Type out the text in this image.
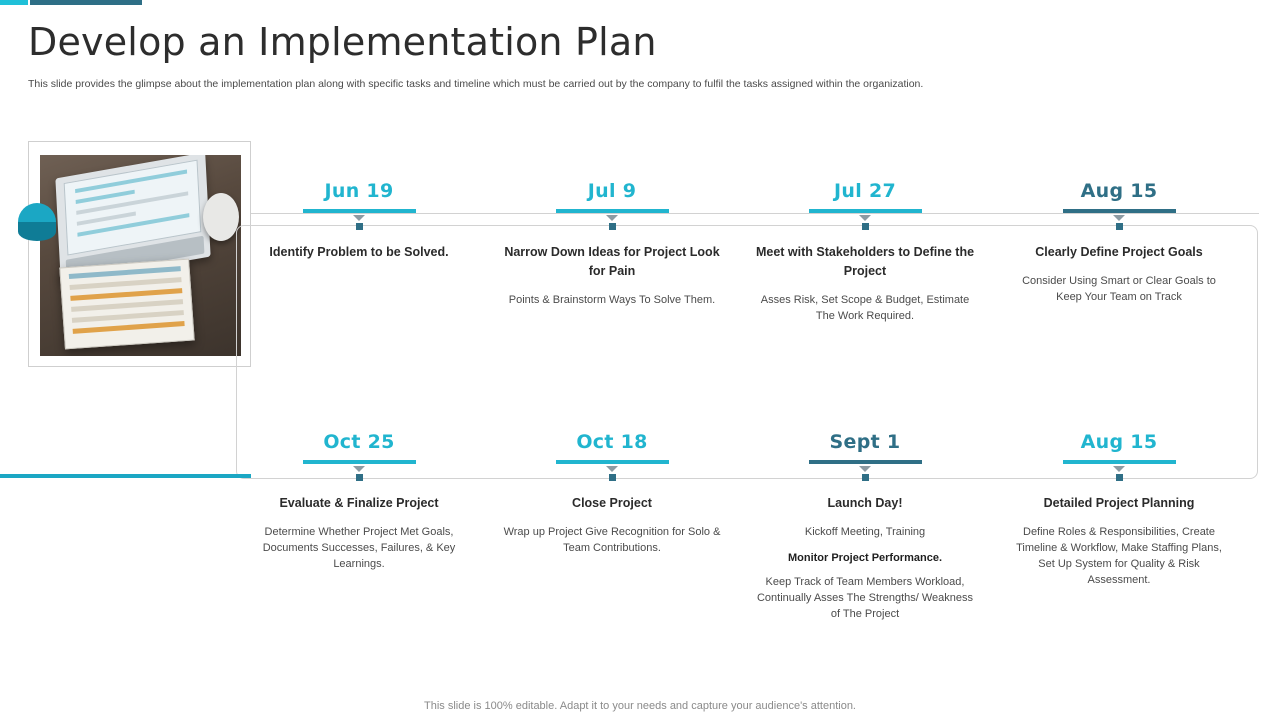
Develop an Implementation Plan
This slide provides the glimpse about the implementation plan along with specific tasks and timeline which must be carried out by the company to fulfil the tasks assigned within the organization.
Jun 19
Identify Problem to be Solved.
Jul 9
Narrow Down Ideas for Project Look for Pain
Points & Brainstorm Ways To Solve Them.
Jul 27
Meet with Stakeholders to Define the Project
Asses Risk, Set Scope & Budget, Estimate The Work Required.
Aug 15
Clearly Define Project Goals
Consider Using Smart or Clear Goals to Keep Your Team on Track
Oct 25
Evaluate & Finalize Project
Determine Whether Project Met Goals, Documents Successes, Failures, & Key Learnings.
Oct 18
Close Project
Wrap up Project Give Recognition for Solo & Team Contributions.
Sept 1
Launch Day!
Kickoff Meeting, Training
Monitor Project Performance.
Keep Track of Team Members Workload, Continually Asses The Strengths/ Weakness of The Project
Aug 15
Detailed Project Planning
Define Roles & Responsibilities, Create Timeline & Workflow, Make Staffing Plans, Set Up System for Quality & Risk Assessment.
This slide is 100% editable. Adapt it to your needs and capture your audience's attention.
